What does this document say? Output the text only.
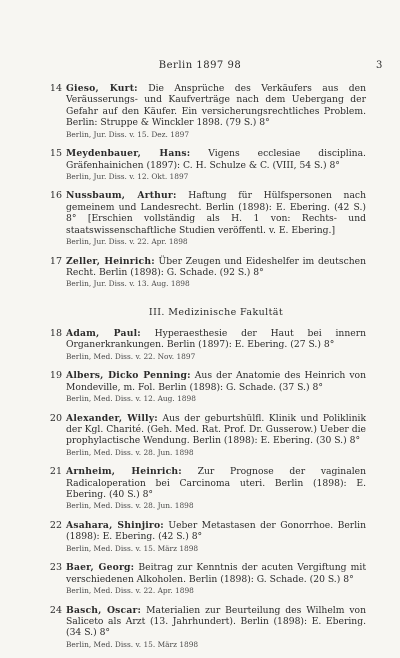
Berlin 1897 98	3
14 Gieso, Kurt: Die Ansprüche des Verkäufers aus den Veräusserungs- und Kaufverträge nach dem Uebergang der Gefahr auf den Käufer. Ein versicherungsrechtliches Problem. Berlin: Struppe & Winckler 1898. (79 S.) 8°
Berlin, Jur. Diss. v. 15. Dez. 1897
15 Meydenbauer, Hans: Vigens ecclesiae disciplina. Gräfenhainichen (1897): C. H. Schulze & C. (VIII, 54 S.) 8°
Berlin, Jur. Diss. v. 12. Okt. 1897
16 Nussbaum, Arthur: Haftung für Hülfspersonen nach gemeinem und Landesrecht. Berlin (1898): E. Ebering. (42 S.) 8° [Erschien vollständig als H. 1 von: Rechts- und staatswissenschaftliche Studien veröffentl. v. E. Ebering.]
Berlin, Jur. Diss. v. 22. Apr. 1898
17 Zeller, Heinrich: Über Zeugen und Eideshelfer im deutschen Recht. Berlin (1898): G. Schade. (92 S.) 8°
Berlin, Jur. Diss. v. 13. Aug. 1898
III. Medizinische Fakultät
18 Adam, Paul: Hyperaesthesie der Haut bei innern Organerkrankungen. Berlin (1897): E. Ebering. (27 S.) 8°
Berlin, Med. Diss. v. 22. Nov. 1897
19 Albers, Dicko Penning: Aus der Anatomie des Heinrich von Mondeville, m. Fol. Berlin (1898): G. Schade. (37 S.) 8°
Berlin, Med. Diss. v. 12. Aug. 1898
20 Alexander, Willy: Aus der geburtshülfl. Klinik und Poliklinik der Kgl. Charité. (Geh. Med. Rat. Prof. Dr. Gusserow.) Ueber die prophylactische Wendung. Berlin (1898): E. Ebering. (30 S.) 8°
Berlin, Med. Diss. v. 28. Jun. 1898
21 Arnheim, Heinrich: Zur Prognose der vaginalen Radicaloperation bei Carcinoma uteri. Berlin (1898): E. Ebering. (40 S.) 8°
Berlin, Med. Diss. v. 28. Jun. 1898
22 Asahara, Shinjiro: Ueber Metastasen der Gonorrhoe. Berlin (1898): E. Ebering. (42 S.) 8°
Berlin, Med. Diss. v. 15. März 1898
23 Baer, Georg: Beitrag zur Kenntnis der acuten Vergiftung mit verschiedenen Alkoholen. Berlin (1898): G. Schade. (20 S.) 8°
Berlin, Med. Diss. v. 22. Apr. 1898
24 Basch, Oscar: Materialien zur Beurteilung des Wilhelm von Saliceto als Arzt (13. Jahrhundert). Berlin (1898): E. Ebering. (34 S.) 8°
Berlin, Med. Diss. v. 15. März 1898
